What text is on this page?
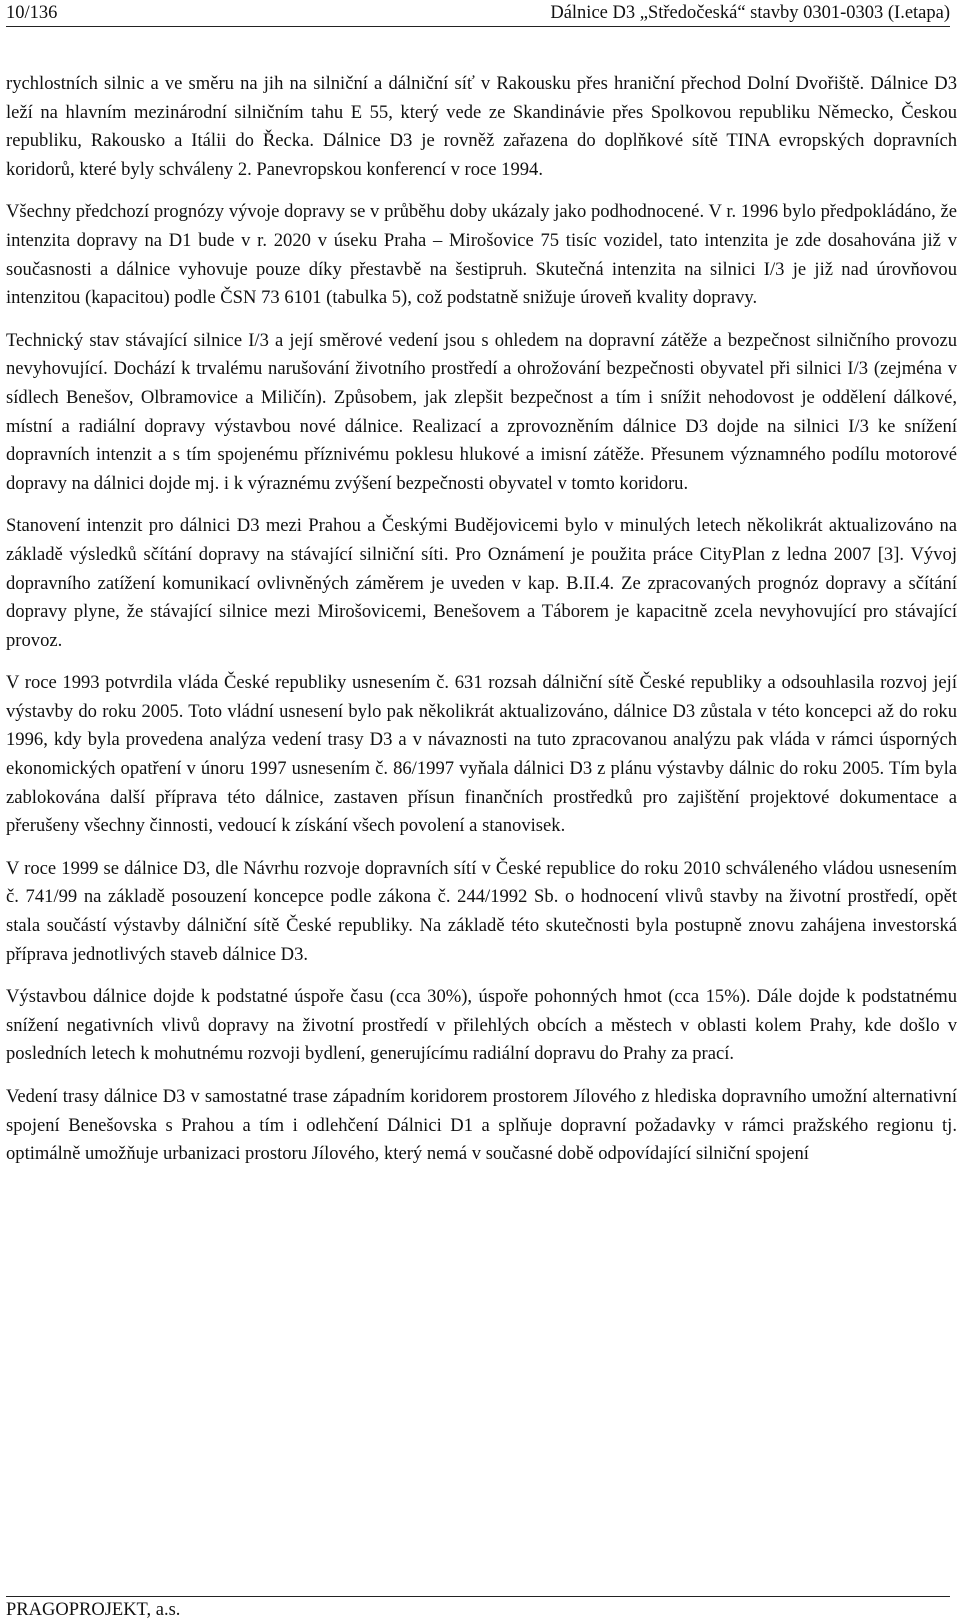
10/136	Dálnice D3 „Středočeská“ stavby 0301-0303 (I.etapa)

rychlostních silnic a ve směru na jih na silniční a dálniční síť v Rakousku přes hraniční přechod Dolní Dvořiště. Dálnice D3 leží na hlavním mezinárodní silničním tahu E 55, který vede ze Skandinávie přes Spolkovou republiku Německo, Českou republiku, Rakousko a Itálii do Řecka. Dálnice D3 je rovněž zařazena do doplňkové sítě TINA evropských dopravních koridorů, které byly schváleny 2. Panevropskou konferencí v roce 1994.

Všechny předchozí prognózy vývoje dopravy se v průběhu doby ukázaly jako podhodnocené. V r. 1996 bylo předpokládáno, že intenzita dopravy na D1 bude v r. 2020 v úseku Praha – Mirošovice 75 tisíc vozidel, tato intenzita je zde dosahována již v současnosti a dálnice vyhovuje pouze díky přestavbě na šestipruh. Skutečná intenzita na silnici I/3 je již nad úrovňovou intenzitou (kapacitou) podle ČSN 73 6101 (tabulka 5), což podstatně snižuje úroveň kvality dopravy.

Technický stav stávající silnice I/3 a její směrové vedení jsou s ohledem na dopravní zátěže a bezpečnost silničního provozu nevyhovující. Dochází k trvalému narušování životního prostředí a ohrožování bezpečnosti obyvatel při silnici I/3 (zejména v sídlech Benešov, Olbramovice a Miličín). Způsobem, jak zlepšit bezpečnost a tím i snížit nehodovost je oddělení dálkové, místní a radiální dopravy výstavbou nové dálnice. Realizací a zprovozněním dálnice D3 dojde na silnici I/3 ke snížení dopravních intenzit a s tím spojenému příznivému poklesu hlukové a imisní zátěže. Přesunem významného podílu motorové dopravy na dálnici dojde mj. i k výraznému zvýšení bezpečnosti obyvatel v tomto koridoru.

Stanovení intenzit pro dálnici D3 mezi Prahou a Českými Budějovicemi bylo v minulých letech několikrát aktualizováno na základě výsledků sčítání dopravy na stávající silniční síti. Pro Oznámení je použita práce CityPlan z ledna 2007 [3]. Vývoj dopravního zatížení komunikací ovlivněných záměrem je uveden v kap. B.II.4. Ze zpracovaných prognóz dopravy a sčítání dopravy plyne, že stávající silnice mezi Mirošovicemi, Benešovem a Táborem je kapacitně zcela nevyhovující pro stávající provoz.

V roce 1993 potvrdila vláda České republiky usnesením č. 631 rozsah dálniční sítě České republiky a odsouhlasila rozvoj její výstavby do roku 2005. Toto vládní usnesení bylo pak několikrát aktualizováno, dálnice D3 zůstala v této koncepci až do roku 1996, kdy byla provedena analýza vedení trasy D3 a v návaznosti na tuto zpracovanou analýzu pak vláda v rámci úsporných ekonomických opatření v únoru 1997 usnesením č. 86/1997 vyňala dálnici D3 z plánu výstavby dálnic do roku 2005. Tím byla zablokována další příprava této dálnice, zastaven přísun finančních prostředků pro zajištění projektové dokumentace a přerušeny všechny činnosti, vedoucí k získání všech povolení a stanovisek.

V roce 1999 se dálnice D3, dle Návrhu rozvoje dopravních sítí v České republice do roku 2010 schváleného vládou usnesením č. 741/99 na základě posouzení koncepce podle zákona č. 244/1992 Sb. o hodnocení vlivů stavby na životní prostředí, opět stala součástí výstavby dálniční sítě České republiky. Na základě této skutečnosti byla postupně znovu zahájena investorská příprava jednotlivých staveb dálnice D3.

Výstavbou dálnice dojde k podstatné úspoře času (cca 30%), úspoře pohonných hmot (cca 15%). Dále dojde k podstatnému snížení negativních vlivů dopravy na životní prostředí v přilehlých obcích a městech v oblasti kolem Prahy, kde došlo v posledních letech k mohutnému rozvoji bydlení, generujícímu radiální dopravu do Prahy za prací.

Vedení trasy dálnice D3 v samostatné trase západním koridorem prostorem Jílového z hlediska dopravního umožní alternativní spojení Benešovska s Prahou a tím i odlehčení Dálnici D1 a splňuje dopravní požadavky v rámci pražského regionu tj. optimálně umožňuje urbanizaci prostoru Jílového, který nemá v současné době odpovídající silniční spojení

PRAGOPROJEKT, a.s.
